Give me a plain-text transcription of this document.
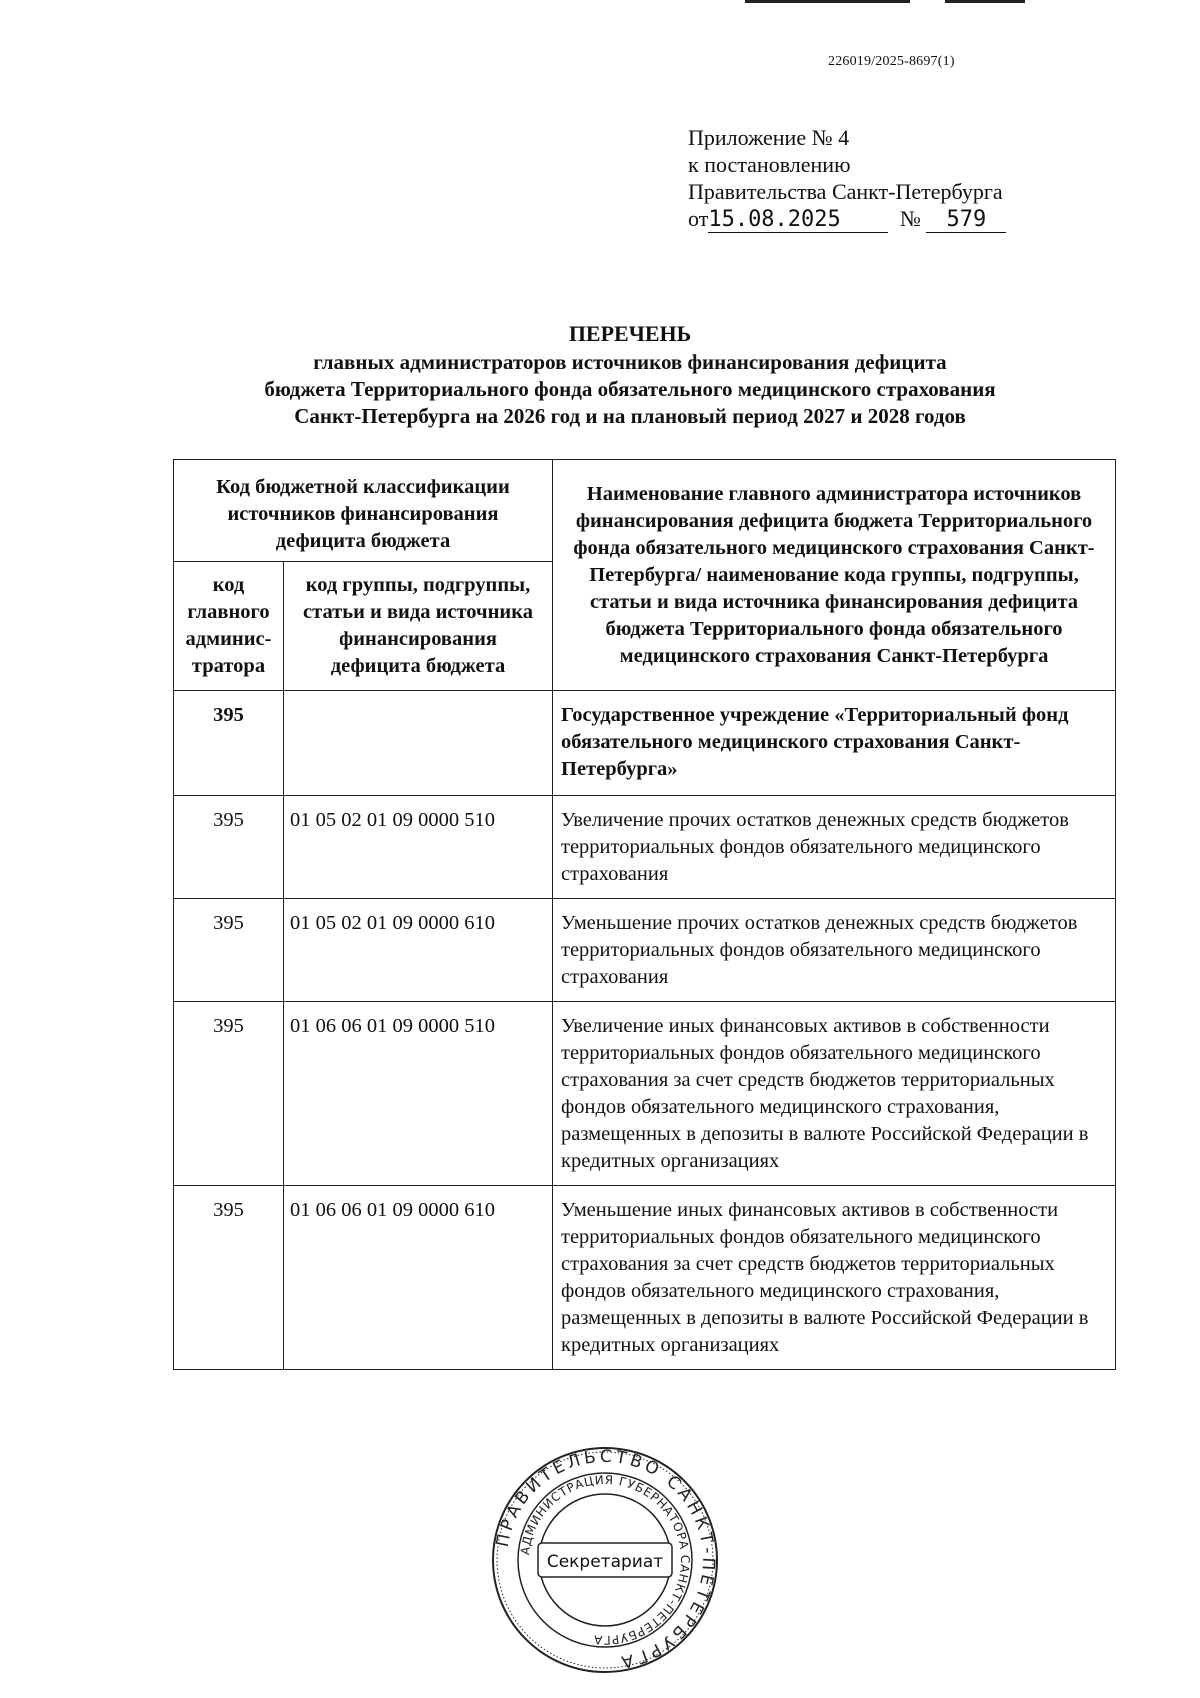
226019/2025-8697(1)
Приложение № 4
к постановлению
Правительства Санкт-Петербурга
от15.08.2025	№ 579
ПЕРЕЧЕНЬ
главных администраторов источников финансирования дефицита
бюджета Территориального фонда обязательного медицинского страхования
Санкт-Петербурга на 2026 год и на плановый период 2027 и 2028 годов
Код бюджетной классификации источников финансирования дефицита бюджета		Наименование главного администратора источников финансирования дефицита бюджета Территориального фонда обязательного медицинского страхования Санкт-Петербурга/ наименование кода группы, подгруппы, статьи и вида источника финансирования дефицита бюджета Территориального фонда обязательного медицинского страхования Санкт-Петербурга
код главного админис-тратора	код группы, подгруппы, статьи и вида источника финансирования дефицита бюджета	
395		Государственное учреждение «Территориальный фонд обязательного медицинского страхования Санкт-Петербурга»
395	01 05 02 01 09 0000 510	Увеличение прочих остатков денежных средств бюджетов территориальных фондов обязательного медицинского страхования
395	01 05 02 01 09 0000 610	Уменьшение прочих остатков денежных средств бюджетов территориальных фондов обязательного медицинского страхования
395	01 06 06 01 09 0000 510	Увеличение иных финансовых активов в собственности территориальных фондов обязательного медицинского страхования за счет средств бюджетов территориальных фондов обязательного медицинского страхования, размещенных в депозиты в валюте Российской Федерации в кредитных организациях
395	01 06 06 01 09 0000 610	Уменьшение иных финансовых активов в собственности территориальных фондов обязательного медицинского страхования за счет средств бюджетов территориальных фондов обязательного медицинского страхования, размещенных в депозиты в валюте Российской Федерации в кредитных организациях
ПРАВИТЕЛЬСТВО САНКТ-ПЕТЕРБУРГА
АДМИНИСТРАЦИЯ ГУБЕРНАТОРА САНКТ-ПЕТЕРБУРГА
Секретариат
